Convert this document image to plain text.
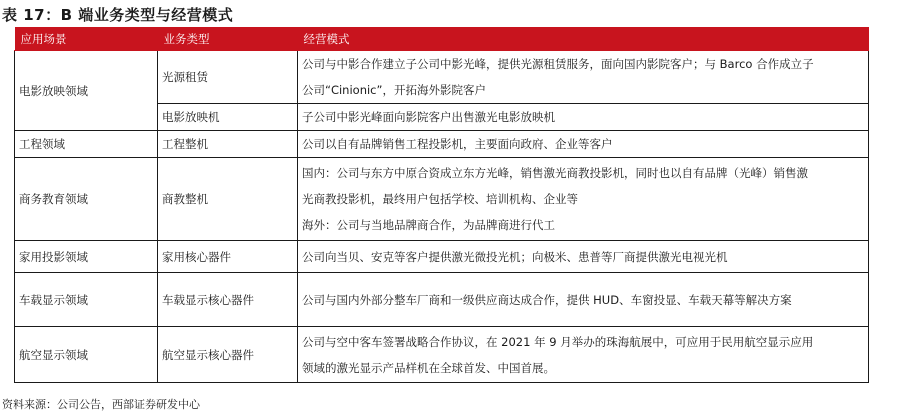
表 17：B 端业务类型与经营模式
应用场景	业务类型	经营模式
电影放映领域	光源租赁	公司与中影合作建立子公司中影光峰，提供光源租赁服务，面向国内影院客户；与 Barco 合作成立子
公司“Cinionic”，开拓海外影院客户

	电影放映机	子公司中影光峰面向影院客户出售激光电影放映机

工程领域	工程整机	公司以自有品牌销售工程投影机，主要面向政府、企业等客户

商务教育领域	商教整机	国内：公司与东方中原合资成立东方光峰，销售激光商教投影机，同时也以自有品牌（光峰）销售激
光商教投影机，最终用户包括学校、培训机构、企业等
海外：公司与当地品牌商合作，为品牌商进行代工

家用投影领域	家用核心器件	公司向当贝、安克等客户提供激光微投光机；向极米、患普等厂商提供激光电视光机

车载显示领域	车载显示核心器件	公司与国内外部分整车厂商和一级供应商达成合作，提供 HUD、车窗投显、车载天幕等解决方案

航空显示领域	航空显示核心器件	公司与空中客车签署战略合作协议，在 2021 年 9 月举办的珠海航展中，可应用于民用航空显示应用
领域的激光显示产品样机在全球首发、中国首展。
资料来源：公司公告，西部证券研发中心
